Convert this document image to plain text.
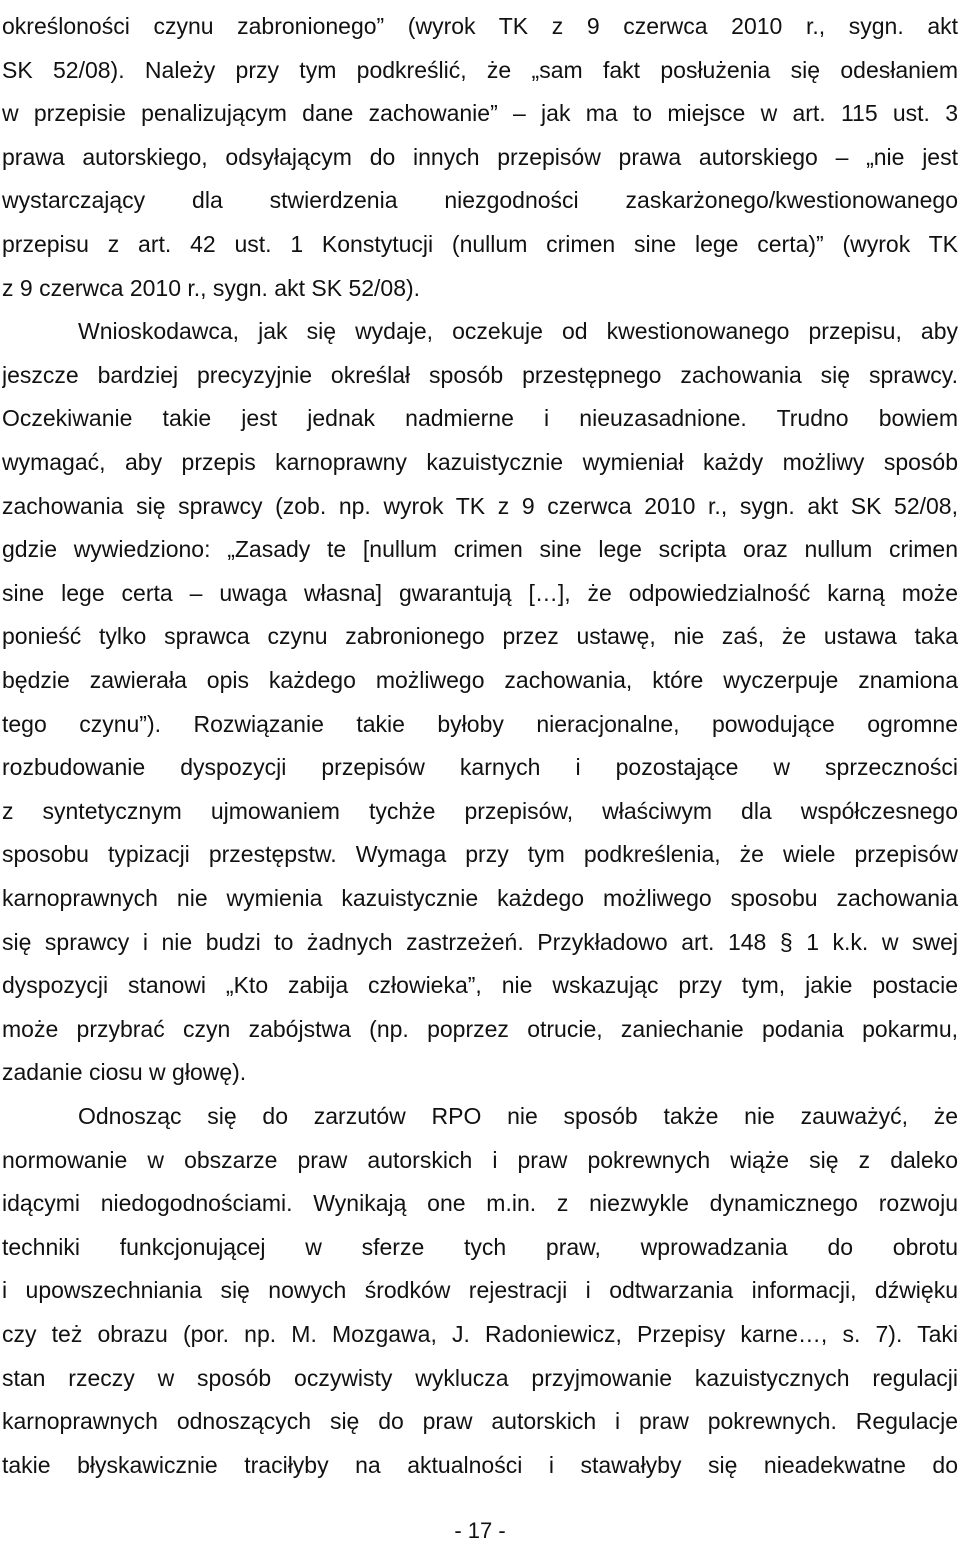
określoności czynu zabronionego” (wyrok TK z 9 czerwca 2010 r., sygn. akt
SK 52/08). Należy przy tym podkreślić, że „sam fakt posłużenia się odesłaniem
w przepisie penalizującym dane zachowanie” – jak ma to miejsce w art. 115 ust. 3
prawa autorskiego, odsyłającym do innych przepisów prawa autorskiego – „nie jest
wystarczający dla stwierdzenia niezgodności zaskarżonego/kwestionowanego
przepisu z art. 42 ust. 1 Konstytucji (nullum crimen sine lege certa)” (wyrok TK
z 9 czerwca 2010 r., sygn. akt SK 52/08).
Wnioskodawca, jak się wydaje, oczekuje od kwestionowanego przepisu, aby
jeszcze bardziej precyzyjnie określał sposób przestępnego zachowania się sprawcy.
Oczekiwanie takie jest jednak nadmierne i nieuzasadnione. Trudno bowiem
wymagać, aby przepis karnoprawny kazuistycznie wymieniał każdy możliwy sposób
zachowania się sprawcy (zob. np. wyrok TK z 9 czerwca 2010 r., sygn. akt SK 52/08,
gdzie wywiedziono: „Zasady te [nullum crimen sine lege scripta oraz nullum crimen
sine lege certa – uwaga własna] gwarantują […], że odpowiedzialność karną może
ponieść tylko sprawca czynu zabronionego przez ustawę, nie zaś, że ustawa taka
będzie zawierała opis każdego możliwego zachowania, które wyczerpuje znamiona
tego czynu”). Rozwiązanie takie byłoby nieracjonalne, powodujące ogromne
rozbudowanie dyspozycji przepisów karnych i pozostające w sprzeczności
z syntetycznym ujmowaniem tychże przepisów, właściwym dla współczesnego
sposobu typizacji przestępstw. Wymaga przy tym podkreślenia, że wiele przepisów
karnoprawnych nie wymienia kazuistycznie każdego możliwego sposobu zachowania
się sprawcy i nie budzi to żadnych zastrzeżeń. Przykładowo art. 148 § 1 k.k. w swej
dyspozycji stanowi „Kto zabija człowieka”, nie wskazując przy tym, jakie postacie
może przybrać czyn zabójstwa (np. poprzez otrucie, zaniechanie podania pokarmu,
zadanie ciosu w głowę).
Odnosząc się do zarzutów RPO nie sposób także nie zauważyć, że
normowanie w obszarze praw autorskich i praw pokrewnych wiąże się z daleko
idącymi niedogodnościami. Wynikają one m.in. z niezwykle dynamicznego rozwoju
techniki funkcjonującej w sferze tych praw, wprowadzania do obrotu
i upowszechniania się nowych środków rejestracji i odtwarzania informacji, dźwięku
czy też obrazu (por. np. M. Mozgawa, J. Radoniewicz, Przepisy karne…, s. 7). Taki
stan rzeczy w sposób oczywisty wyklucza przyjmowanie kazuistycznych regulacji
karnoprawnych odnoszących się do praw autorskich i praw pokrewnych. Regulacje
takie błyskawicznie traciłyby na aktualności i stawałyby się nieadekwatne do
- 17 -
